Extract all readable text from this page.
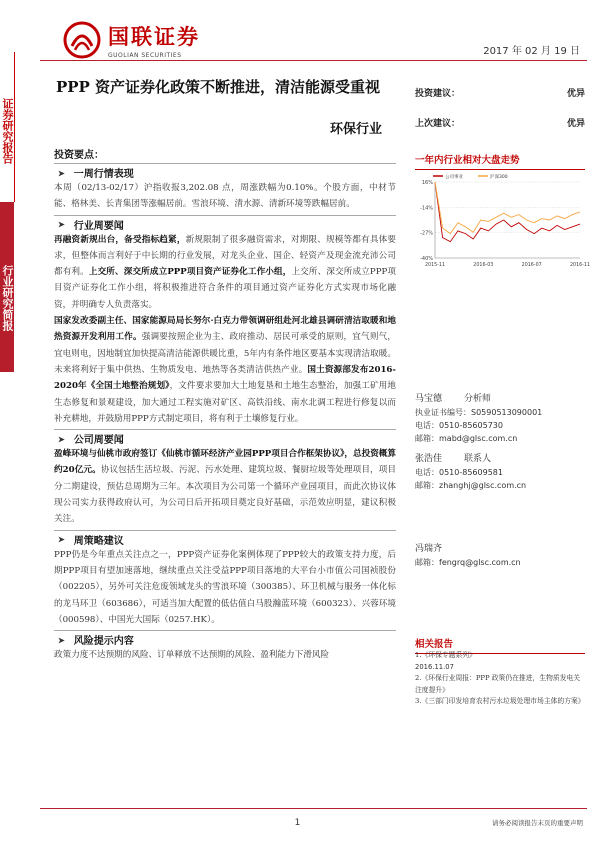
证券研究报告
行业研究简报
国联证券
GUOLIAN SECURITIES	2017 年 02 月 19 日
PPP 资产证券化政策不断推进，清洁能源受重视
环保行业
投资建议：	优异
上次建议：	优异
投资要点：
➤ 一周行情表现

本周（02/13-02/17）沪指收报3,202.08 点，周涨跌幅为0.10%。个股方面，中材节能、格林美、长青集团等涨幅居前。雪浪环境、清水源、清新环境等跌幅居前。

➤ 行业周要闻

再融资新规出台，备受指标趋紧，新规限制了很多融资需求，对期限、规模等都有具体要求，但整体而言利好于中长期的行业发展，对龙头企业、国企、轻资产及现金流充沛公司都有利。上交所、深交所成立PPP项目资产证券化工作小组，上交所、深交所成立PPP项目资产证券化工作小组，将积极推进符合条件的项目通过资产证券化方式实现市场化融资，并明确专人负责落实。

国家发改委副主任、国家能源局局长努尔·白克力带领调研组赴河北雄县调研清洁取暖和地热资源开发利用工作。强调要按照企业为主、政府推动、居民可承受的原则，宜气则气，宜电则电，因地制宜加快提高清洁能源供暖比重，5年内有条件地区要基本实现清洁取暖。未来将利好于集中供热、生物质发电、地热等各类清洁供热产业。国土资源部发布2016-2020年《全国土地整治规划》，文件要求要加大土地复垦和土地生态整治，加强工矿用地生态修复和景观建设，加大通过工程实施对矿区、高铁沿线、南水北调工程进行修复以而补充耕地，并鼓励用PPP方式制定项目，将有利于土壤修复行业。

➤ 公司周要闻

盈峰环境与仙桃市政府签订《仙桃市循环经济产业园PPP项目合作框架协议》，总投资概算约20亿元。协议包括生活垃圾、污泥、污水处理、建筑垃圾、餐厨垃圾等处理项目，项目分二期建设，预估总周期为三年。本次项目为公司第一个循环产业园项目，而此次协议体现公司实力获得政府认可，为公司日后开拓项目奠定良好基础，示范效应明显，建议积极关注。

➤ 周策略建议

PPP仍是今年重点关注点之一，PPP资产证券化案例体现了PPP较大的政策支持力度，后期PPP项目有望加速落地，继续重点关注受益PPP项目落地的大平台小市值公司国祯股份（002205），另外可关注危废领域龙头的雪浪环境（300385）、环卫机械与服务一体化标的龙马环卫（603686），可适当加大配置的低估值白马股瀚蓝环境（600323）、兴蓉环境（000598）、中国光大国际（0257.HK）。

➤ 风险提示内容

政策力度不达预期的风险、订单释放不达预期的风险、盈利能力下滑风险

一年内行业相对大盘走势
公司事业	沪深300
16%
-14%
-27%
-40%
2015-11	2016-03	2016-07	2016-11
马宝德 分析师
执业证书编号：S0590513090001
电话：0510-85605730
邮箱：mabd@glsc.com.cn
张浩佳 联系人
电话：0510-85609581
邮箱：zhanghj@glsc.com.cn
冯瑞齐
邮箱：fengrq@glsc.com.cn
相关报告
1.《环保专题系列》
2016.11.07
2.《环保行业周报：PPP 政策仍在推进，生物质发电关注度提升》
3.《三部门印发培育农村污水垃圾处理市场主体的方案》
1	请务必阅读报告末页的重要声明
